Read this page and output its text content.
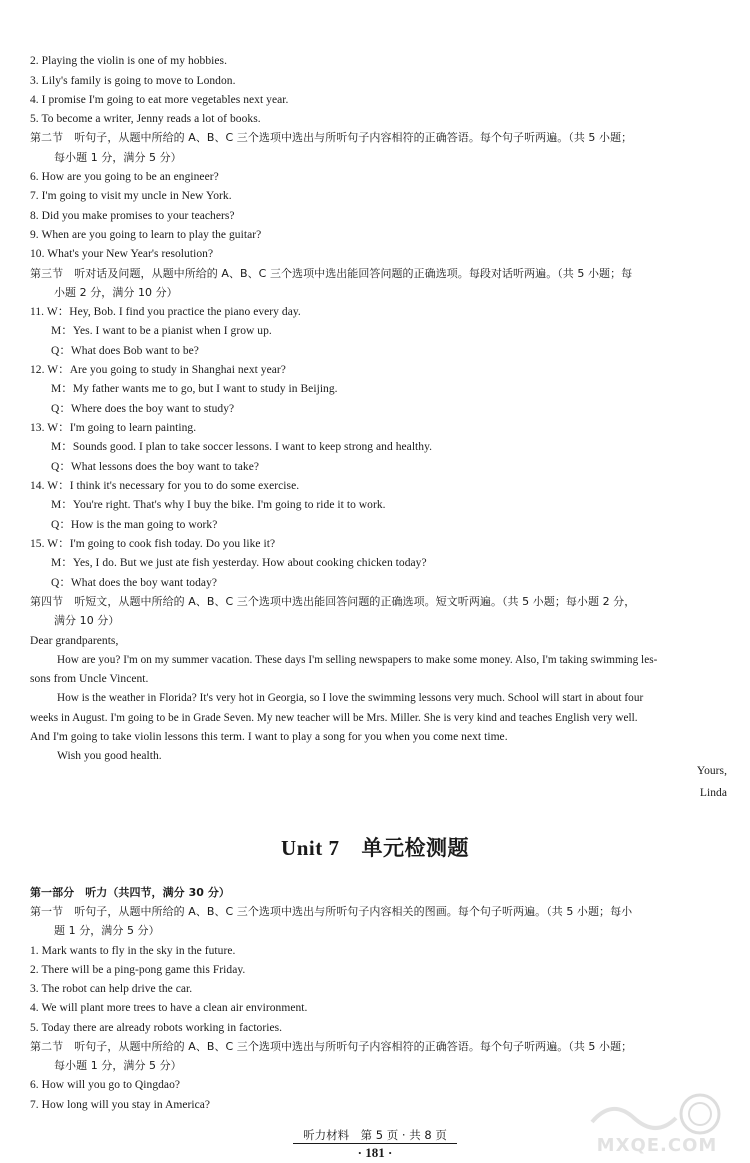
2. Playing the violin is one of my hobbies.
3. Lily's family is going to move to London.
4. I promise I'm going to eat more vegetables next year.
5. To become a writer, Jenny reads a lot of books.
第二节　听句子，从题中所给的 A、B、C 三个选项中选出与所听句子内容相符的正确答语。每个句子听两遍。（共 5 小题；
每小题 1 分，满分 5 分）
6. How are you going to be an engineer?
7. I'm going to visit my uncle in New York.
8. Did you make promises to your teachers?
9. When are you going to learn to play the guitar?
10. What's your New Year's resolution?
第三节　听对话及问题，从题中所给的 A、B、C 三个选项中选出能回答问题的正确选项。每段对话听两遍。（共 5 小题；每
小题 2 分，满分 10 分）
11. W：Hey, Bob. I find you practice the piano every day.
M：Yes. I want to be a pianist when I grow up.
Q：What does Bob want to be?
12. W：Are you going to study in Shanghai next year?
M：My father wants me to go, but I want to study in Beijing.
Q：Where does the boy want to study?
13. W：I'm going to learn painting.
M：Sounds good. I plan to take soccer lessons. I want to keep strong and healthy.
Q：What lessons does the boy want to take?
14. W：I think it's necessary for you to do some exercise.
M：You're right. That's why I buy the bike. I'm going to ride it to work.
Q：How is the man going to work?
15. W：I'm going to cook fish today. Do you like it?
M：Yes, I do. But we just ate fish yesterday. How about cooking chicken today?
Q：What does the boy want today?
第四节　听短文，从题中所给的 A、B、C 三个选项中选出能回答问题的正确选项。短文听两遍。（共 5 小题；每小题 2 分，
满分 10 分）
Dear grandparents,
How are you? I'm on my summer vacation. These days I'm selling newspapers to make some money. Also, I'm taking swimming les-
sons from Uncle Vincent.
How is the weather in Florida? It's very hot in Georgia, so I love the swimming lessons very much. School will start in about four
weeks in August. I'm going to be in Grade Seven. My new teacher will be Mrs. Miller. She is very kind and teaches English very well.
And I'm going to take violin lessons this term. I want to play a song for you when you come next time.
Wish you good health.
Yours,
Linda
Unit 7 单元检测题
第一部分　听力（共四节，满分 30 分）
第一节　听句子，从题中所给的 A、B、C 三个选项中选出与所听句子内容相关的图画。每个句子听两遍。（共 5 小题；每小
题 1 分，满分 5 分）
1. Mark wants to fly in the sky in the future.
2. There will be a ping-pong game this Friday.
3. The robot can help drive the car.
4. We will plant more trees to have a clean air environment.
5. Today there are already robots working in factories.
第二节　听句子，从题中所给的 A、B、C 三个选项中选出与所听句子内容相符的正确答语。每个句子听两遍。（共 5 小题；
每小题 1 分，满分 5 分）
6. How will you go to Qingdao?
7. How long will you stay in America?
听力材料　第 5 页 · 共 8 页
· 181 ·	MXQE.COM
